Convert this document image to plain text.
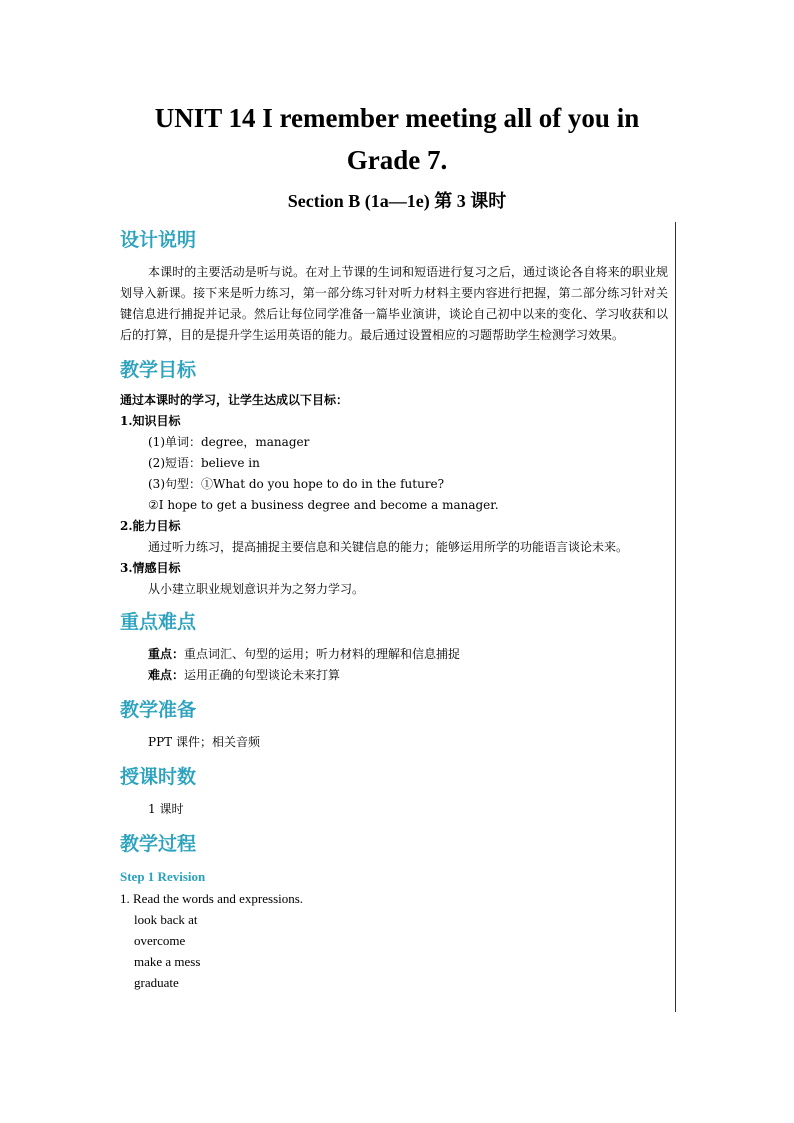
UNIT 14 I remember meeting all of you in
Grade 7.
Section B (1a—1e) 第 3 课时

设计说明

本课时的主要活动是听与说。在对上节课的生词和短语进行复习之后，通过谈论各自将来的职业规划导入新课。接下来是听力练习，第一部分练习针对听力材料主要内容进行把握，第二部分练习针对关键信息进行捕捉并记录。然后让每位同学准备一篇毕业演讲，谈论自己初中以来的变化、学习收获和以后的打算，目的是提升学生运用英语的能力。最后通过设置相应的习题帮助学生检测学习效果。

教学目标

通过本课时的学习，让学生达成以下目标：

1.知识目标

(1)单词：degree，manager

(2)短语：believe in

(3)句型：①What do you hope to do in the future?

②I hope to get a business degree and become a manager.

2.能力目标

通过听力练习，提高捕捉主要信息和关键信息的能力；能够运用所学的功能语言谈论未来。

3.情感目标

从小建立职业规划意识并为之努力学习。

重点难点

重点：重点词汇、句型的运用；听力材料的理解和信息捕捉

难点：运用正确的句型谈论未来打算

教学准备

PPT 课件；相关音频

授课时数

1 课时

教学过程

Step 1 Revision

1. Read the words and expressions.

look back at

overcome

make a mess

graduate
